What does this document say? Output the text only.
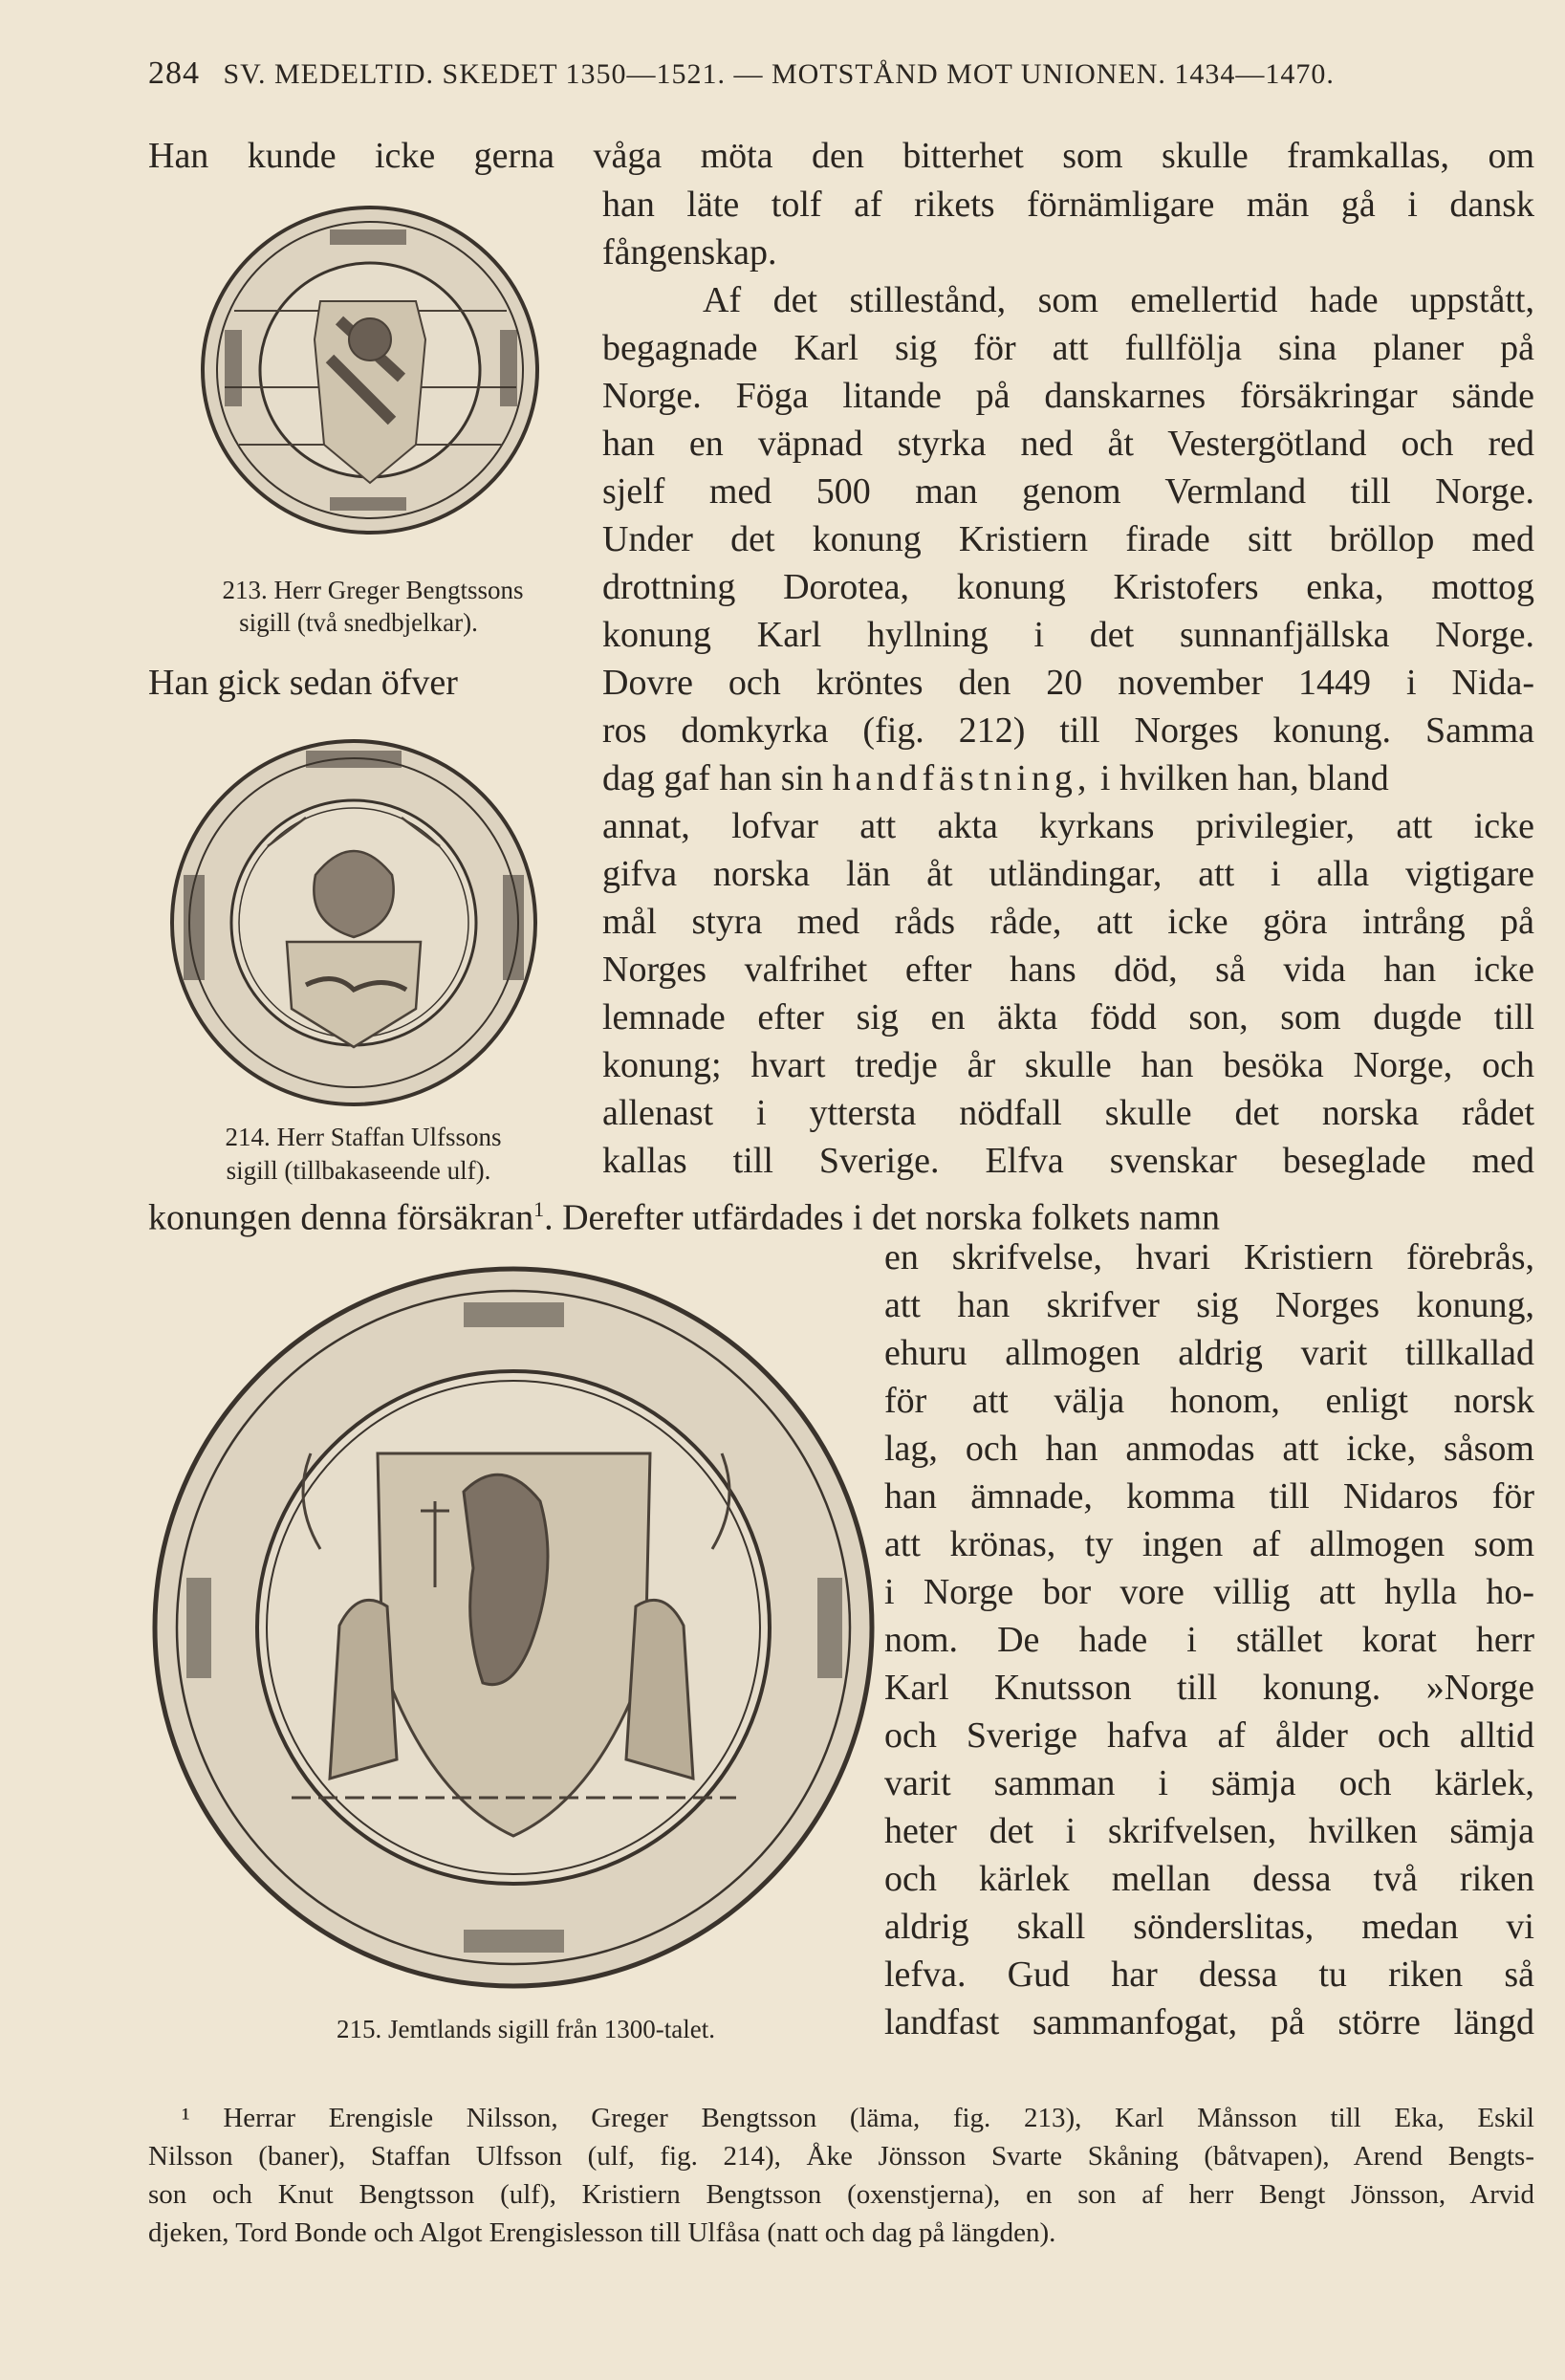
284 SV. MEDELTID. SKEDET 1350—1521. — MOTSTÅND MOT UNIONEN. 1434—1470.
Han kunde icke gerna våga möta den bitterhet som skulle framkallas, om
han läte tolf af rikets förnämligare män gå i dansk
fångenskap.
Af det stillestånd, som emellertid hade uppstått,
begagnade Karl sig för att fullfölja sina planer på
Norge. Föga litande på danskarnes försäkringar sände
han en väpnad styrka ned åt Vestergötland och red
sjelf med 500 man genom Vermland till Norge.
Under det konung Kristiern firade sitt bröllop med
drottning Dorotea, konung Kristofers enka, mottog
konung Karl hyllning i det sunnanfjällska Norge.
213. Herr Greger Bengtssons
sigill (två snedbjelkar).
Han gick sedan öfver	Dovre och kröntes den 20 november 1449 i Nida-
ros domkyrka (fig. 212) till Norges konung. Samma
dag gaf han sin handfästning, i hvilken han, bland
annat, lofvar att akta kyrkans privilegier, att icke
gifva norska län åt utländingar, att i alla vigtigare
mål styra med råds råde, att icke göra intrång på
Norges valfrihet efter hans död, så vida han icke
lemnade efter sig en äkta född son, som dugde till
konung; hvart tredje år skulle han besöka Norge, och
allenast i yttersta nödfall skulle det norska rådet
kallas till Sverige. Elfva svenskar beseglade med
214. Herr Staffan Ulfssons
sigill (tillbakaseende ulf).
konungen denna försäkran$^1$. Derefter utfärdades i det norska folkets namn
en skrifvelse, hvari Kristiern förebrås,
att han skrifver sig Norges konung,
ehuru allmogen aldrig varit tillkallad
för att välja honom, enligt norsk
lag, och han anmodas att icke, såsom
han ämnade, komma till Nidaros för
att krönas, ty ingen af allmogen som
i Norge bor vore villig att hylla ho-
nom. De hade i stället korat herr
Karl Knutsson till konung. »Norge
och Sverige hafva af ålder och alltid
varit samman i sämja och kärlek,
heter det i skrifvelsen, hvilken sämja
och kärlek mellan dessa två riken
aldrig skall sönderslitas, medan vi
lefva. Gud har dessa tu riken så
landfast sammanfogat, på större längd
215. Jemtlands sigill från 1300-talet.
¹ Herrar Erengisle Nilsson, Greger Bengtsson (läma, fig. 213), Karl Månsson till Eka, Eskil
Nilsson (baner), Staffan Ulfsson (ulf, fig. 214), Åke Jönsson Svarte Skåning (båtvapen), Arend Bengts-
son och Knut Bengtsson (ulf), Kristiern Bengtsson (oxenstjerna), en son af herr Bengt Jönsson, Arvid
djeken, Tord Bonde och Algot Erengislesson till Ulfåsa (natt och dag på längden).
